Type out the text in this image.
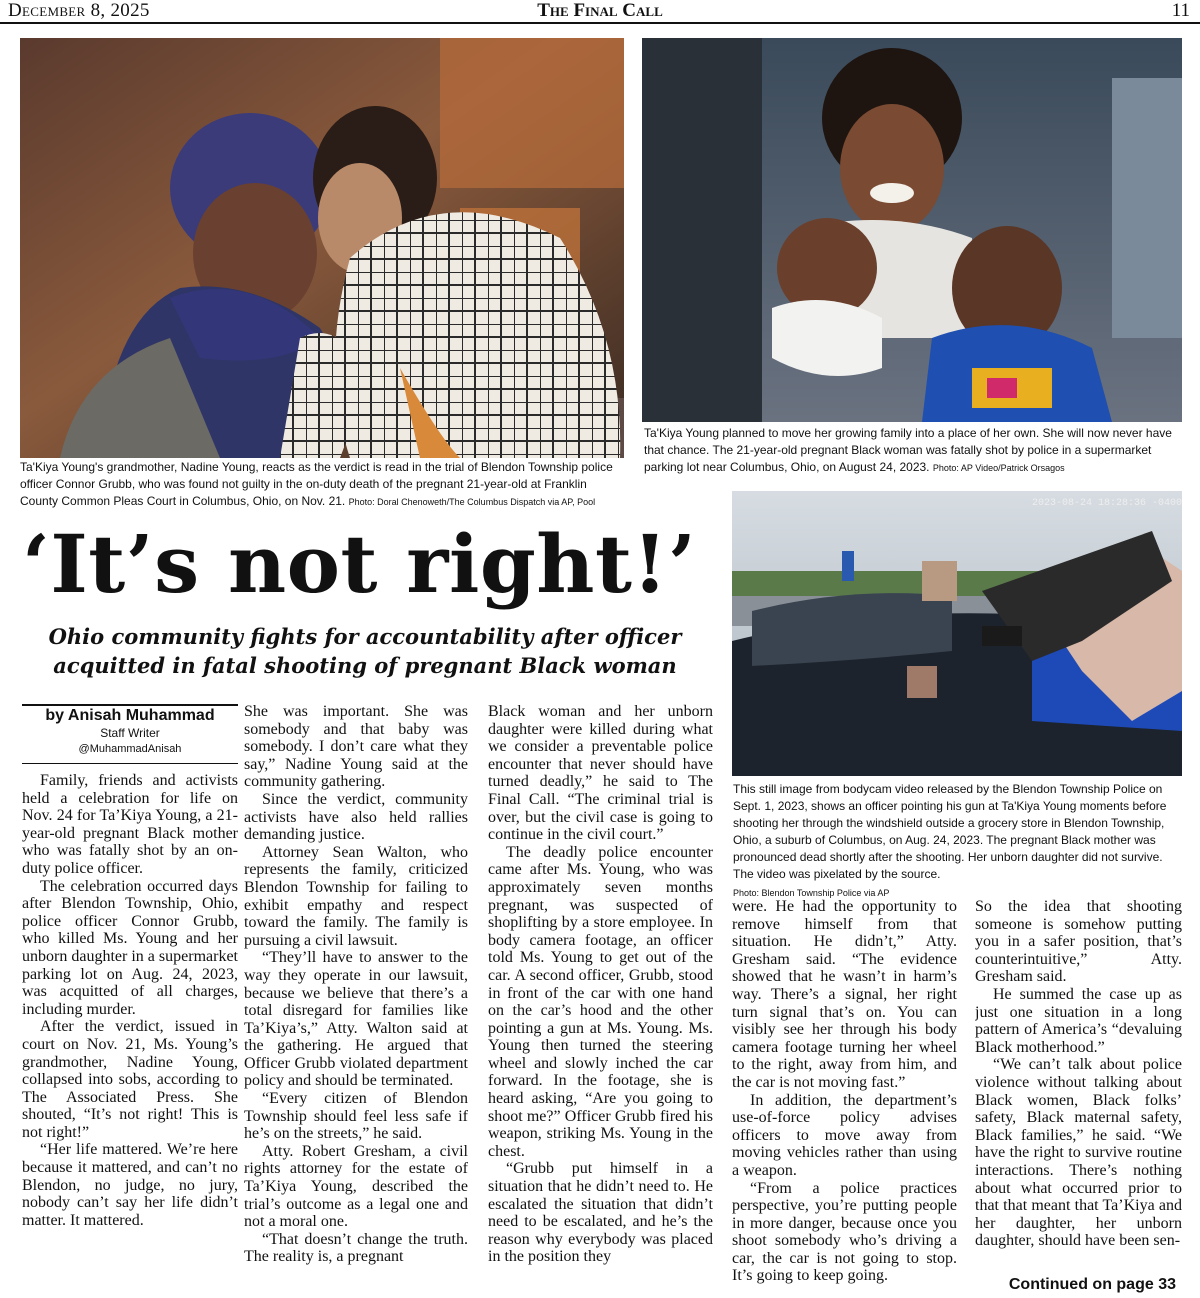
December 8, 2025	The Final Call	11
Ta'Kiya Young's grandmother, Nadine Young, reacts as the verdict is read in the trial of Blendon Township police officer Connor Grubb, who was found not guilty in the on-duty death of the pregnant 21-year-old at Franklin County Common Pleas Court in Columbus, Ohio, on Nov. 21. Photo: Doral Chenoweth/The Columbus Dispatch via AP, Pool
Ta'Kiya Young planned to move her growing family into a place of her own. She will now never have that chance. The 21-year-old pregnant Black woman was fatally shot by police in a supermarket parking lot near Columbus, Ohio, on August 24, 2023. Photo: AP Video/Patrick Orsagos
2023-08-24 18:28:36 -0400
This still image from bodycam video released by the Blendon Township Police on Sept. 1, 2023, shows an officer pointing his gun at Ta'Kiya Young moments before shooting her through the windshield outside a grocery store in Blendon Township, Ohio, a suburb of Columbus, on Aug. 24, 2023. The pregnant Black mother was pronounced dead shortly after the shooting. Her unborn daughter did not survive. The video was pixelated by the source.
Photo: Blendon Township Police via AP
‘It’s not right!’
Ohio community fights for accountability after officer acquitted in fatal shooting of pregnant Black woman
by Anisah Muhammad
Staff Writer
@MuhammadAnisah

Family, friends and activists held a celebration for life on Nov. 24 for Ta’Kiya Young, a 21-year-old pregnant Black mother who was fatally shot by an on-duty police officer.

The celebration occurred days after Blendon Township, Ohio, police officer Connor Grubb, who killed Ms. Young and her unborn daughter in a supermarket parking lot on Aug. 24, 2023, was acquitted of all charges, including murder.

After the verdict, issued in court on Nov. 21, Ms. Young’s grandmother, Nadine Young, collapsed into sobs, according to The Associated Press. She shouted, “It’s not right! This is not right!”

“Her life mattered. We’re here because it mattered, and can’t no Blendon, no judge, no jury, nobody can’t say her life didn’t matter. It mattered.

She was important. She was somebody and that baby was somebody. I don’t care what they say,” Nadine Young said at the community gathering.

Since the verdict, community activists have also held rallies demanding justice.

Attorney Sean Walton, who represents the family, criticized Blendon Township for failing to exhibit empathy and respect toward the family. The family is pursuing a civil lawsuit.

“They’ll have to answer to the way they operate in our lawsuit, because we believe that there’s a total disregard for families like Ta’Kiya’s,” Atty. Walton said at the gathering. He argued that Officer Grubb violated department policy and should be terminated.

“Every citizen of Blendon Township should feel less safe if he’s on the streets,” he said.

Atty. Robert Gresham, a civil rights attorney for the estate of Ta’Kiya Young, described the trial’s outcome as a legal one and not a moral one.

“That doesn’t change the truth. The reality is, a pregnant

Black woman and her unborn daughter were killed during what we consider a preventable police encounter that never should have turned deadly,” he said to The Final Call. “The criminal trial is over, but the civil case is going to continue in the civil court.”

The deadly police encounter came after Ms. Young, who was approximately seven months pregnant, was suspected of shoplifting by a store employee. In body camera footage, an officer told Ms. Young to get out of the car. A second officer, Grubb, stood in front of the car with one hand on the car’s hood and the other pointing a gun at Ms. Young. Ms. Young then turned the steering wheel and slowly inched the car forward. In the footage, she is heard asking, “Are you going to shoot me?” Officer Grubb fired his weapon, striking Ms. Young in the chest.

“Grubb put himself in a situation that he didn’t need to. He escalated the situation that didn’t need to be escalated, and he’s the reason why everybody was placed in the position they

were. He had the opportunity to remove himself from that situation. He didn’t,” Atty. Gresham said. “The evidence showed that he wasn’t in harm’s way. There’s a signal, her right turn signal that’s on. You can visibly see her through his body camera footage turning her wheel to the right, away from him, and the car is not moving fast.”

In addition, the department’s use-of-force policy advises officers to move away from moving vehicles rather than using a weapon.

“From a police practices perspective, you’re putting people in more danger, because once you shoot somebody who’s driving a car, the car is not going to stop. It’s going to keep going.

So the idea that shooting someone is somehow putting you in a safer position, that’s counterintuitive,” Atty. Gresham said.

He summed the case up as just one situation in a long pattern of America’s “devaluing Black motherhood.”

“We can’t talk about police violence without talking about Black women, Black folks’ safety, Black maternal safety, Black families,” he said. “We have the right to survive routine interactions. There’s nothing about what occurred prior to that that meant that Ta’Kiya and her daughter, her unborn daughter, should have been sen-

Continued on page 33
